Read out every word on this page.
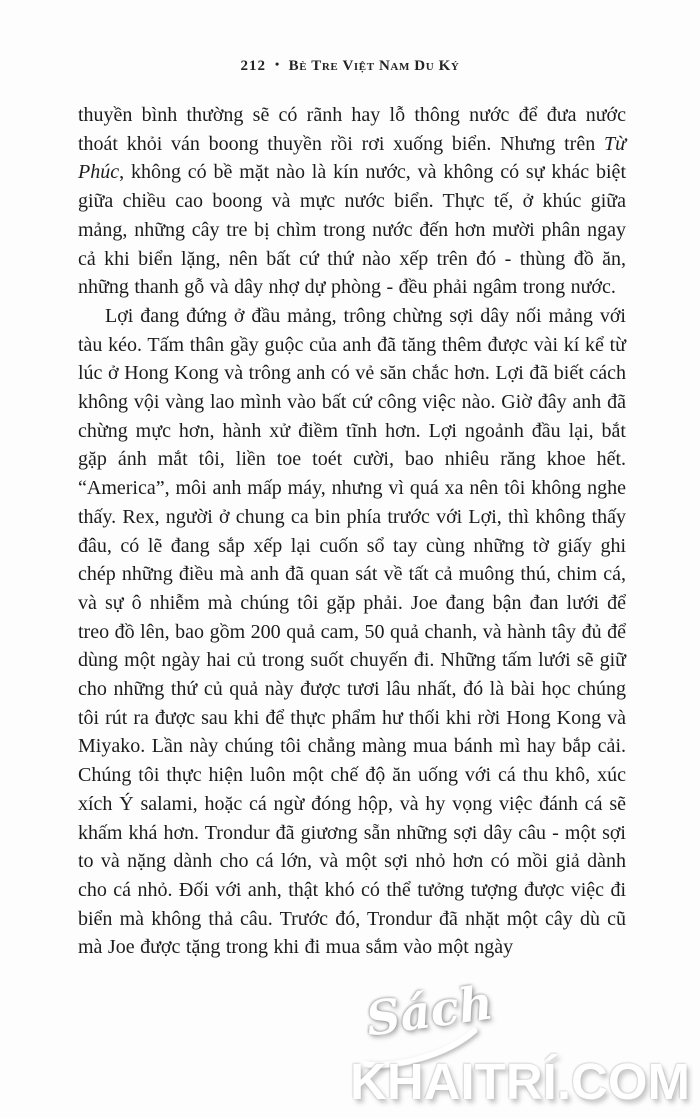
212 • Bè Tre Việt Nam Du Ký

thuyền bình thường sẽ có rãnh hay lỗ thông nước để đưa nước thoát khỏi ván boong thuyền rồi rơi xuống biển. Nhưng trên Từ Phúc, không có bề mặt nào là kín nước, và không có sự khác biệt giữa chiều cao boong và mực nước biển. Thực tế, ở khúc giữa mảng, những cây tre bị chìm trong nước đến hơn mười phân ngay cả khi biển lặng, nên bất cứ thứ nào xếp trên đó - thùng đồ ăn, những thanh gỗ và dây nhợ dự phòng - đều phải ngâm trong nước.

Lợi đang đứng ở đầu mảng, trông chừng sợi dây nối mảng với tàu kéo. Tấm thân gầy guộc của anh đã tăng thêm được vài kí kể từ lúc ở Hong Kong và trông anh có vẻ săn chắc hơn. Lợi đã biết cách không vội vàng lao mình vào bất cứ công việc nào. Giờ đây anh đã chừng mực hơn, hành xử điềm tĩnh hơn. Lợi ngoảnh đầu lại, bắt gặp ánh mắt tôi, liền toe toét cười, bao nhiêu răng khoe hết. “America”, môi anh mấp máy, nhưng vì quá xa nên tôi không nghe thấy. Rex, người ở chung ca bin phía trước với Lợi, thì không thấy đâu, có lẽ đang sắp xếp lại cuốn sổ tay cùng những tờ giấy ghi chép những điều mà anh đã quan sát về tất cả muông thú, chim cá, và sự ô nhiễm mà chúng tôi gặp phải. Joe đang bận đan lưới để treo đồ lên, bao gồm 200 quả cam, 50 quả chanh, và hành tây đủ để dùng một ngày hai củ trong suốt chuyến đi. Những tấm lưới sẽ giữ cho những thứ củ quả này được tươi lâu nhất, đó là bài học chúng tôi rút ra được sau khi để thực phẩm hư thối khi rời Hong Kong và Miyako. Lần này chúng tôi chẳng màng mua bánh mì hay bắp cải. Chúng tôi thực hiện luôn một chế độ ăn uống với cá thu khô, xúc xích Ý salami, hoặc cá ngừ đóng hộp, và hy vọng việc đánh cá sẽ khấm khá hơn. Trondur đã giương sẵn những sợi dây câu - một sợi to và nặng dành cho cá lớn, và một sợi nhỏ hơn có mồi giả dành cho cá nhỏ. Đối với anh, thật khó có thể tưởng tượng được việc đi biển mà không thả câu. Trước đó, Trondur đã nhặt một cây dù cũ mà Joe được tặng trong khi đi mua sắm vào một ngày

Sách
KHAITRÍ.COM
